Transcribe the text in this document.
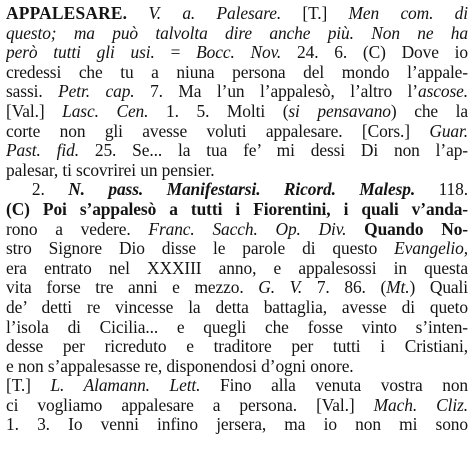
APPALESARE. V. a. Palesare. [T.] Men com. di
questo; ma può talvolta dire anche più. Non ne ha
però tutti gli usi. = Bocc. Nov. 24. 6. (C) Dove io
credessi che tu a niuna persona del mondo l’appale-
sassi. Petr. cap. 7. Ma l’un l’appalesò, l’altro l’ascose.
[Val.] Lasc. Cen. 1. 5. Molti (si pensavano) che la
corte non gli avesse voluti appalesare. [Cors.] Guar.
Past. fid. 25. Se... la tua fe’ mi dessi Di non l’ap-
palesar, ti scovrirei un pensier.
  2. N. pass. Manifestarsi. Ricord. Malesp. 118.
(C) Poi s’appalesò a tutti i Fiorentini, i quali v’anda-
rono a vedere. Franc. Sacch. Op. Div. Quando No-
stro Signore Dio disse le parole di questo Evangelio,
era entrato nel XXXIII anno, e appalesossi in questa
vita forse tre anni e mezzo. G. V. 7. 86. (Mt.) Quali
de’ detti re vincesse la detta battaglia, avesse di queto
l’isola di Cicilia... e quegli che fosse vinto s’inten-
desse per ricreduto e traditore per tutti i Cristiani,
e non s’appalesasse re, disponendosi d’ogni onore.
[T.] L. Alamann. Lett. Fino alla venuta vostra non
ci vogliamo appalesare a persona. [Val.] Mach. Cliz.
1. 3. Io venni infino jersera, ma io non mi sono
